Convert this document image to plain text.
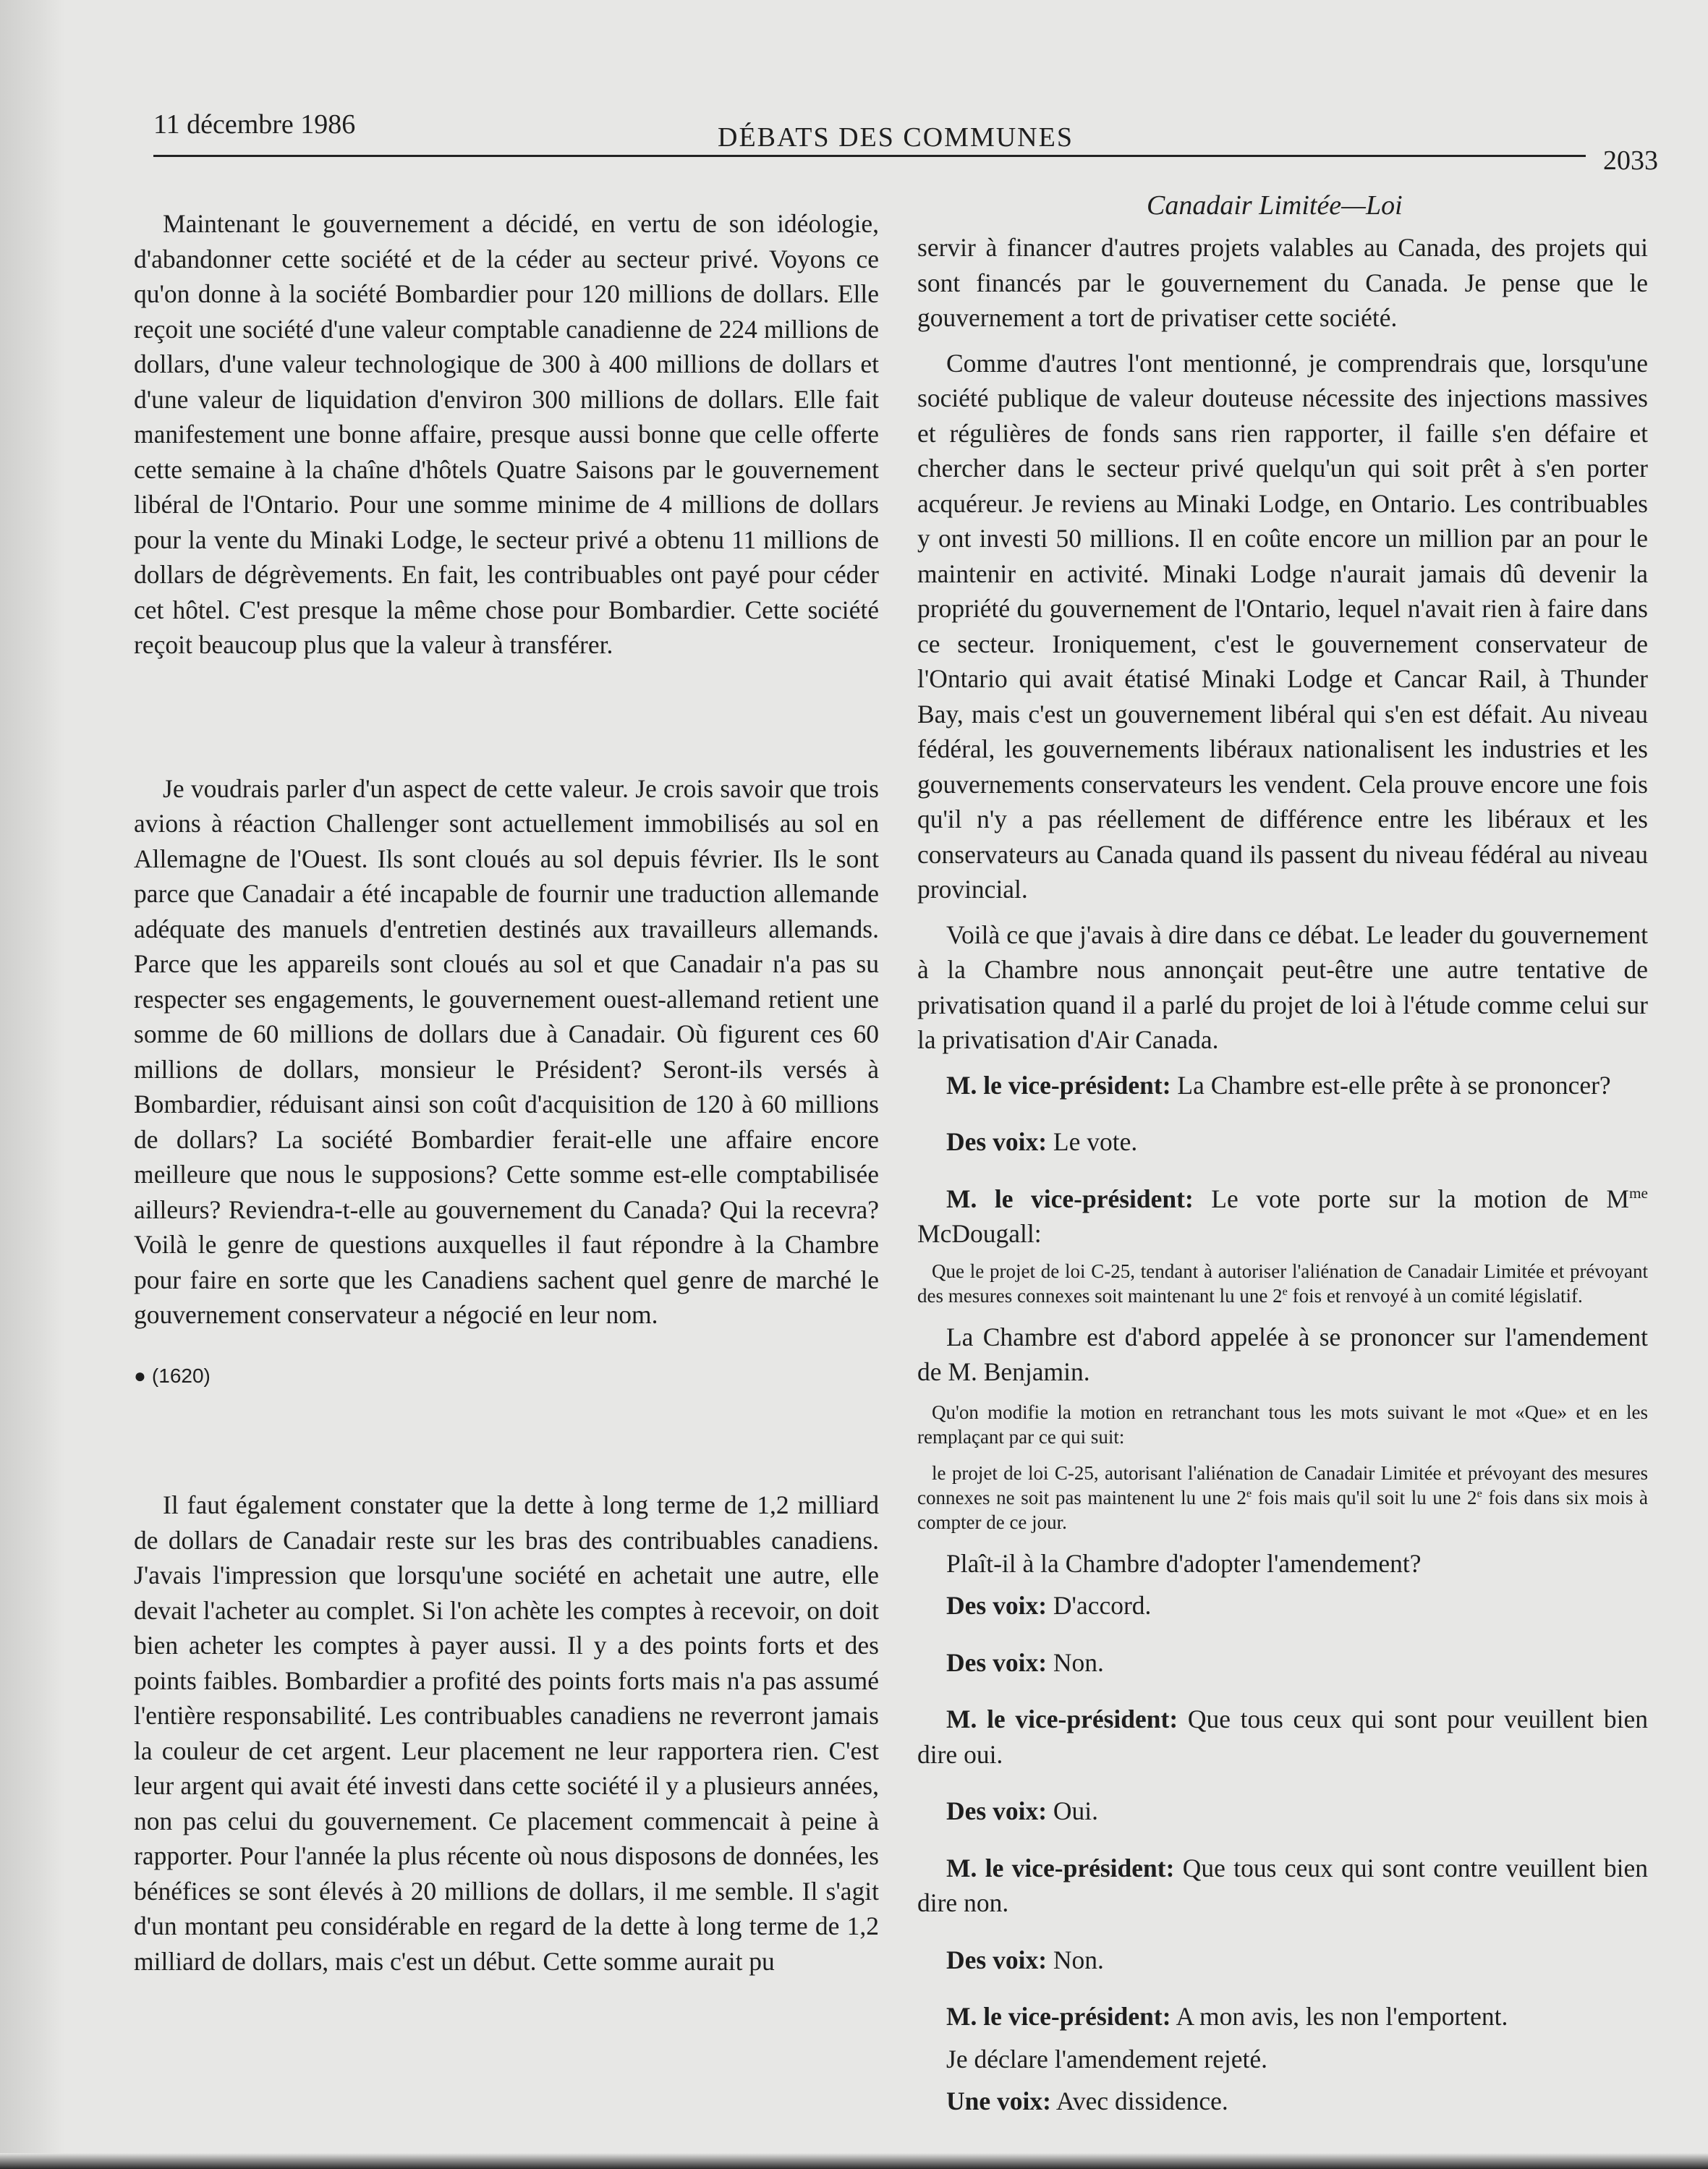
11 décembre 1986	DÉBATS DES COMMUNES
2033
Canadair Limitée—Loi

Maintenant le gouvernement a décidé, en vertu de son idéologie, d'abandonner cette société et de la céder au secteur privé. Voyons ce qu'on donne à la société Bombardier pour 120 millions de dollars. Elle reçoit une société d'une valeur comptable canadienne de 224 millions de dollars, d'une valeur technologique de 300 à 400 millions de dollars et d'une valeur de liquidation d'environ 300 millions de dollars. Elle fait manifestement une bonne affaire, presque aussi bonne que celle offerte cette semaine à la chaîne d'hôtels Quatre Saisons par le gouvernement libéral de l'Ontario. Pour une somme minime de 4 millions de dollars pour la vente du Minaki Lodge, le secteur privé a obtenu 11 millions de dollars de dégrèvements. En fait, les contribuables ont payé pour céder cet hôtel. C'est presque la même chose pour Bombardier. Cette société reçoit beaucoup plus que la valeur à transférer.

Je voudrais parler d'un aspect de cette valeur. Je crois savoir que trois avions à réaction Challenger sont actuellement immobilisés au sol en Allemagne de l'Ouest. Ils sont cloués au sol depuis février. Ils le sont parce que Canadair a été incapable de fournir une traduction allemande adéquate des manuels d'entretien destinés aux travailleurs allemands. Parce que les appareils sont cloués au sol et que Canadair n'a pas su respecter ses engagements, le gouvernement ouest-allemand retient une somme de 60 millions de dollars due à Canadair. Où figurent ces 60 millions de dollars, monsieur le Président? Seront-ils versés à Bombardier, réduisant ainsi son coût d'acquisition de 120 à 60 millions de dollars? La société Bombardier ferait-elle une affaire encore meilleure que nous le supposions? Cette somme est-elle comptabilisée ailleurs? Reviendra-t-elle au gouvernement du Canada? Qui la recevra? Voilà le genre de questions auxquelles il faut répondre à la Chambre pour faire en sorte que les Canadiens sachent quel genre de marché le gouvernement conservateur a négocié en leur nom.

● (1620)

Il faut également constater que la dette à long terme de 1,2 milliard de dollars de Canadair reste sur les bras des contribuables canadiens. J'avais l'impression que lorsqu'une société en achetait une autre, elle devait l'acheter au complet. Si l'on achète les comptes à recevoir, on doit bien acheter les comptes à payer aussi. Il y a des points forts et des points faibles. Bombardier a profité des points forts mais n'a pas assumé l'entière responsabilité. Les contribuables canadiens ne reverront jamais la couleur de cet argent. Leur placement ne leur rapportera rien. C'est leur argent qui avait été investi dans cette société il y a plusieurs années, non pas celui du gouvernement. Ce placement commencait à peine à rapporter. Pour l'année la plus récente où nous disposons de données, les bénéfices se sont élevés à 20 millions de dollars, il me semble. Il s'agit d'un montant peu considérable en regard de la dette à long terme de 1,2 milliard de dollars, mais c'est un début. Cette somme aurait pu

servir à financer d'autres projets valables au Canada, des projets qui sont financés par le gouvernement du Canada. Je pense que le gouvernement a tort de privatiser cette société.

Comme d'autres l'ont mentionné, je comprendrais que, lorsqu'une société publique de valeur douteuse nécessite des injections massives et régulières de fonds sans rien rapporter, il faille s'en défaire et chercher dans le secteur privé quelqu'un qui soit prêt à s'en porter acquéreur. Je reviens au Minaki Lodge, en Ontario. Les contribuables y ont investi 50 millions. Il en coûte encore un million par an pour le maintenir en activité. Minaki Lodge n'aurait jamais dû devenir la propriété du gouvernement de l'Ontario, lequel n'avait rien à faire dans ce secteur. Ironiquement, c'est le gouvernement conservateur de l'Ontario qui avait étatisé Minaki Lodge et Cancar Rail, à Thunder Bay, mais c'est un gouvernement libéral qui s'en est défait. Au niveau fédéral, les gouvernements libéraux nationalisent les industries et les gouvernements conservateurs les vendent. Cela prouve encore une fois qu'il n'y a pas réellement de différence entre les libéraux et les conservateurs au Canada quand ils passent du niveau fédéral au niveau provincial.

Voilà ce que j'avais à dire dans ce débat. Le leader du gouvernement à la Chambre nous annonçait peut-être une autre tentative de privatisation quand il a parlé du projet de loi à l'étude comme celui sur la privatisation d'Air Canada.

M. le vice-président: La Chambre est-elle prête à se prononcer?

Des voix: Le vote.

M. le vice-président: Le vote porte sur la motion de $M^{me}$ McDougall:

Que le projet de loi C-25, tendant à autoriser l'aliénation de Canadair Limitée et prévoyant des mesures connexes soit maintenant lu une 2e fois et renvoyé à un comité législatif.

La Chambre est d'abord appelée à se prononcer sur l'amendement de M. Benjamin.

Qu'on modifie la motion en retranchant tous les mots suivant le mot «Que» et en les remplaçant par ce qui suit:

le projet de loi C-25, autorisant l'aliénation de Canadair Limitée et prévoyant des mesures connexes ne soit pas maintenent lu une 2e fois mais qu'il soit lu une 2e fois dans six mois à compter de ce jour.

Plaît-il à la Chambre d'adopter l'amendement?

Des voix: D'accord.

Des voix: Non.

M. le vice-président: Que tous ceux qui sont pour veuillent bien dire oui.

Des voix: Oui.

M. le vice-président: Que tous ceux qui sont contre veuillent bien dire non.

Des voix: Non.

M. le vice-président: A mon avis, les non l'emportent.

Je déclare l'amendement rejeté.

Une voix: Avec dissidence.
